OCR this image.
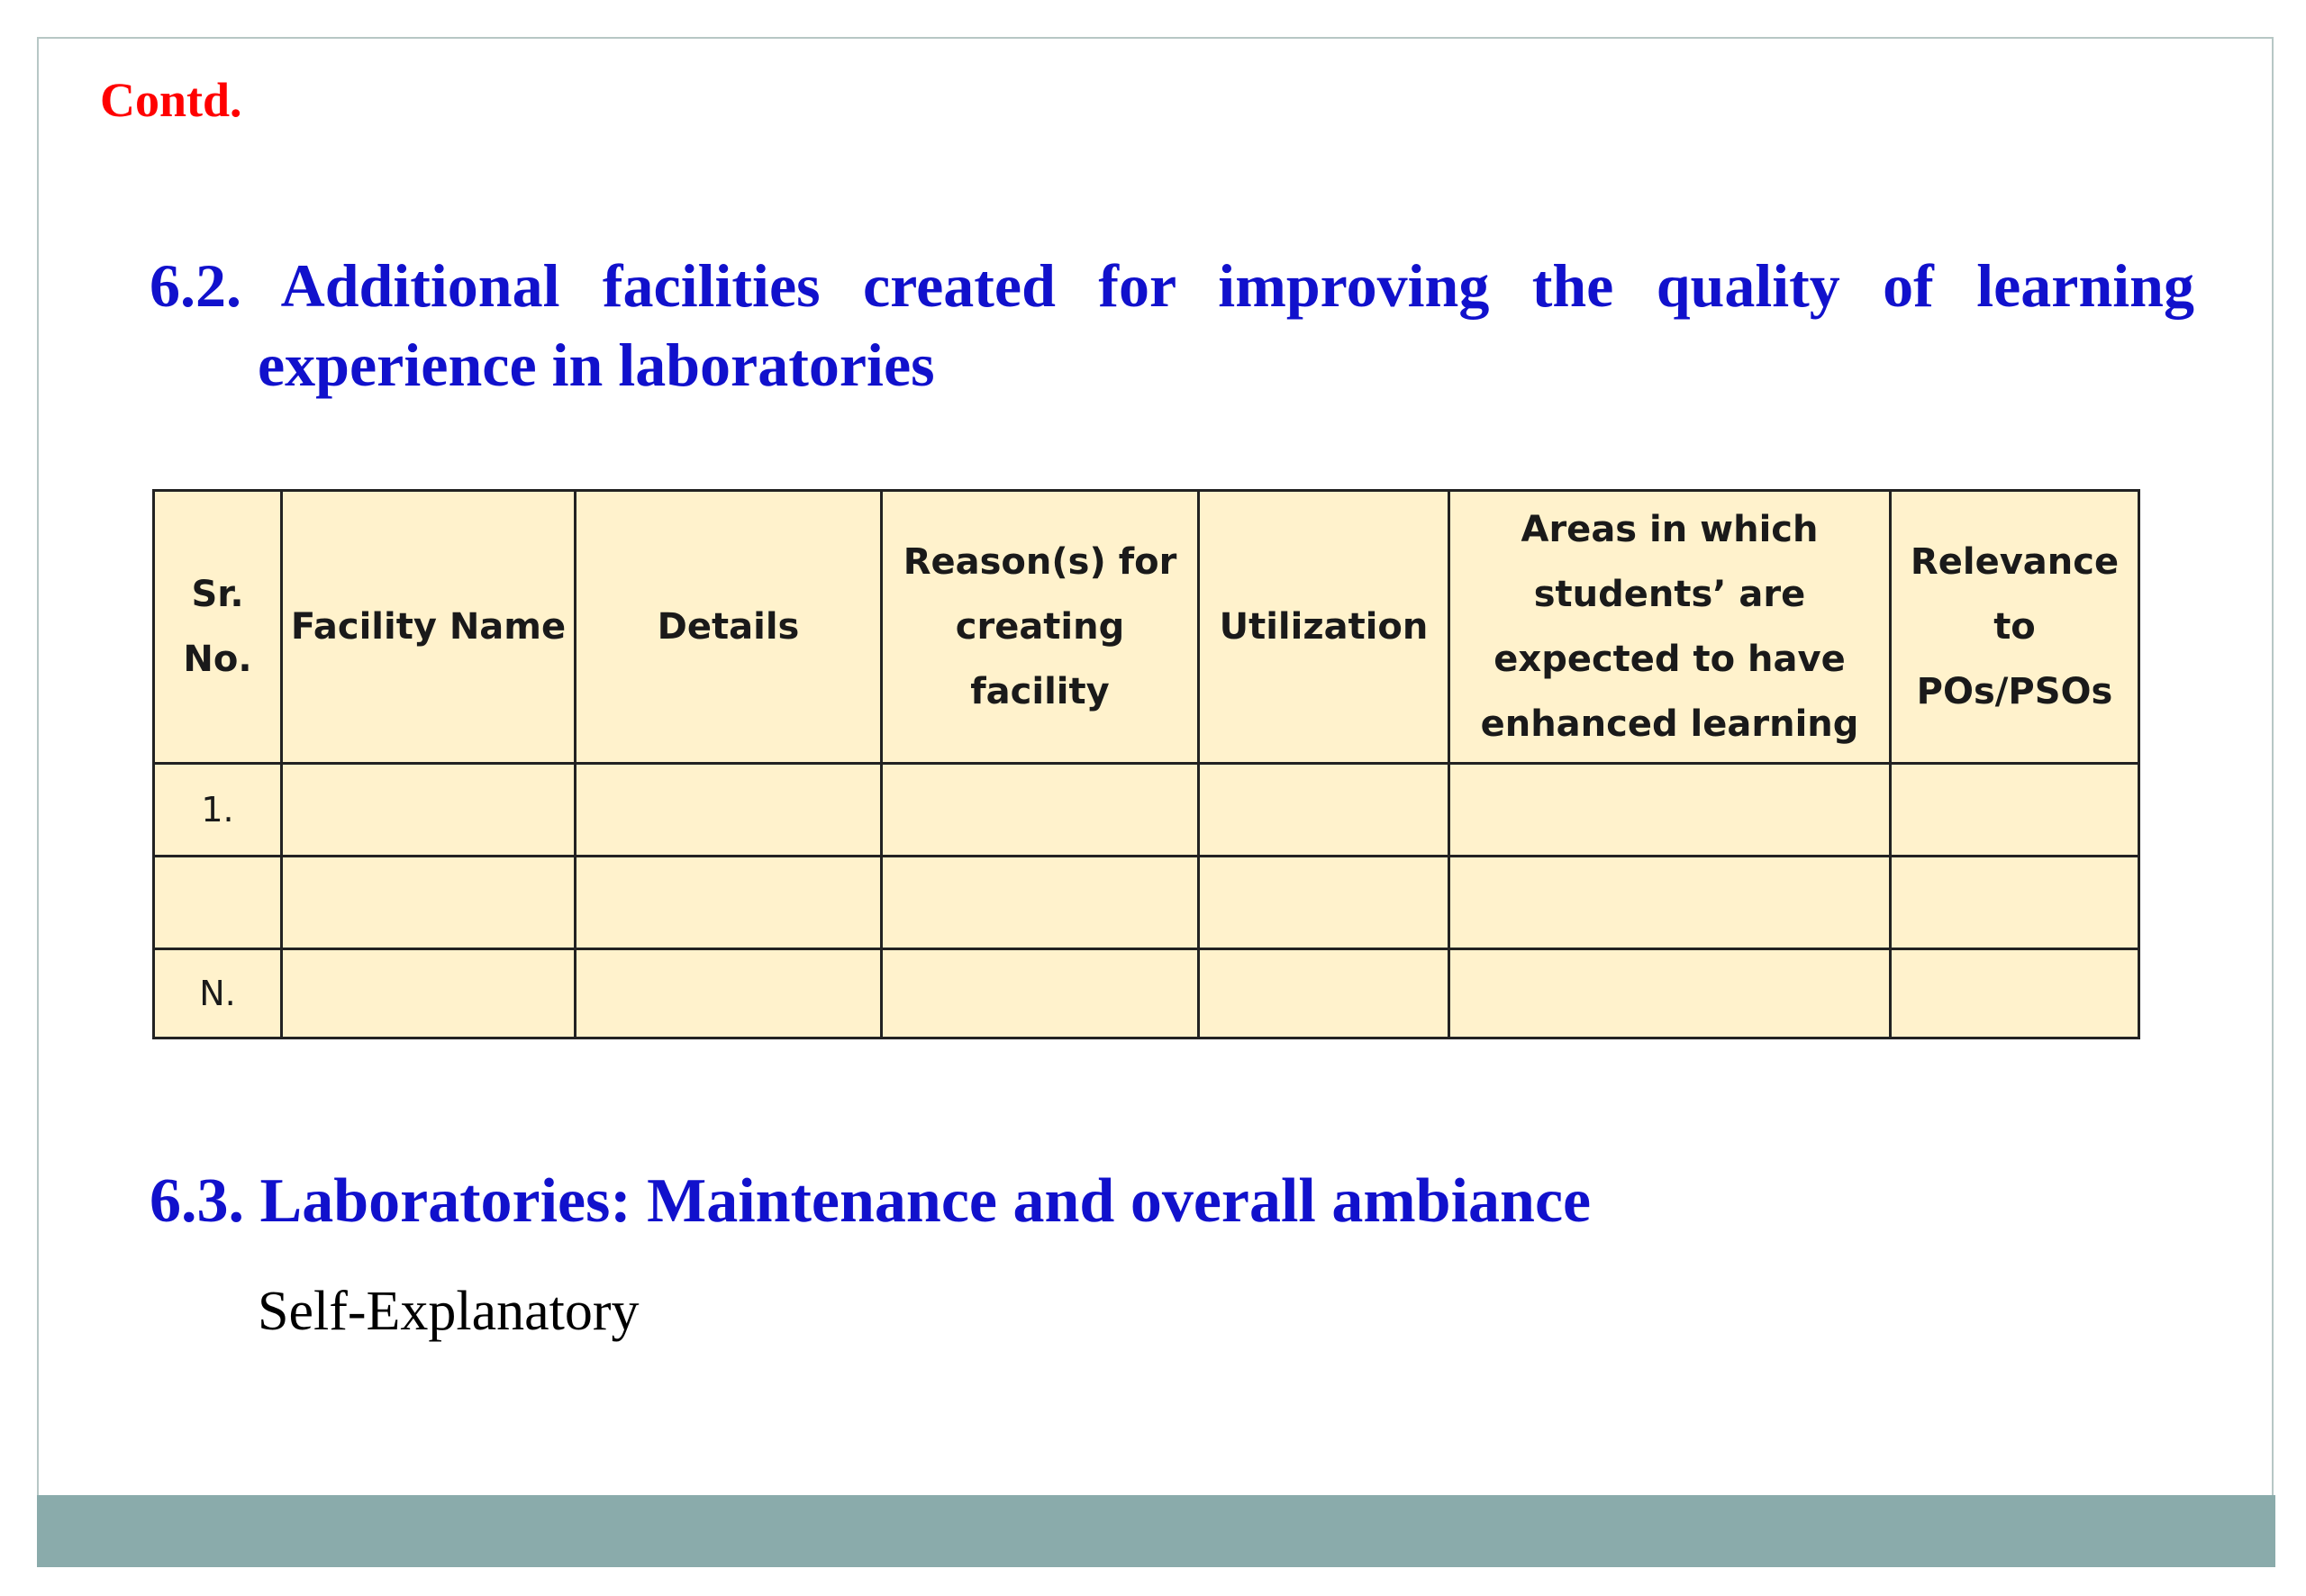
Contd.

6.2. Additional facilities created for improving the quality of learning experience in laboratories
Sr. No.	Facility Name	Details	Reason(s) for creating facility	Utilization	Areas in which students’ are expected to have enhanced learning	Relevance to POs/PSOs
1.						

N.						
6.3. Laboratories: Maintenance and overall ambiance

Self-Explanatory
